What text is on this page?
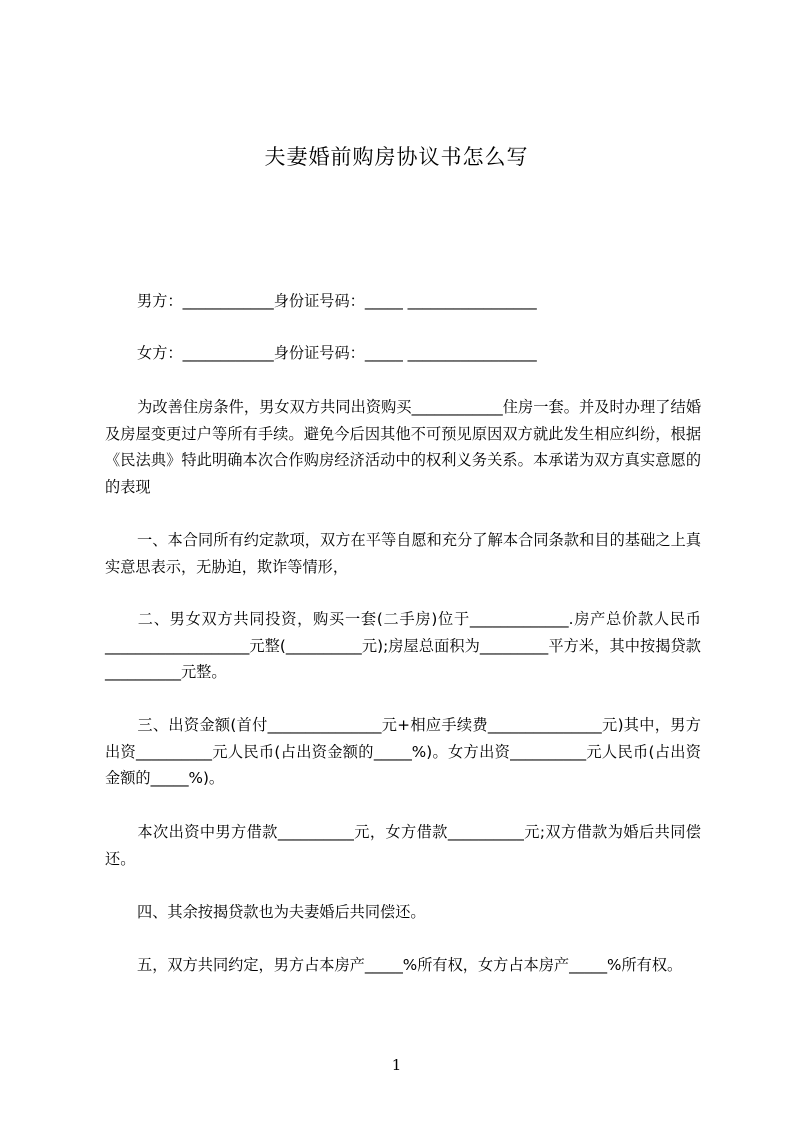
夫妻婚前购房协议书怎么写
男方：____________身份证号码：_____ _________________
女方：____________身份证号码：_____ _________________
为改善住房条件，男女双方共同出资购买____________住房一套。并及时办理了结婚及房屋变更过户等所有手续。避免今后因其他不可预见原因双方就此发生相应纠纷，根据《民法典》特此明确本次合作购房经济活动中的权利义务关系。本承诺为双方真实意愿的的表现
一、本合同所有约定款项，双方在平等自愿和充分了解本合同条款和目的基础之上真实意思表示，无胁迫，欺诈等情形，
二、男女双方共同投资，购买一套(二手房)位于_____________.房产总价款人民币___________________元整(__________元);房屋总面积为_________平方米，其中按揭贷款__________元整。
三、出资金额(首付_______________元+相应手续费_______________元)其中，男方出资__________元人民币(占出资金额的_____%)。女方出资__________元人民币(占出资金额的_____%)。
本次出资中男方借款__________元，女方借款__________元;双方借款为婚后共同偿还。
四、其余按揭贷款也为夫妻婚后共同偿还。
五，双方共同约定，男方占本房产_____%所有权，女方占本房产_____%所有权。
1
